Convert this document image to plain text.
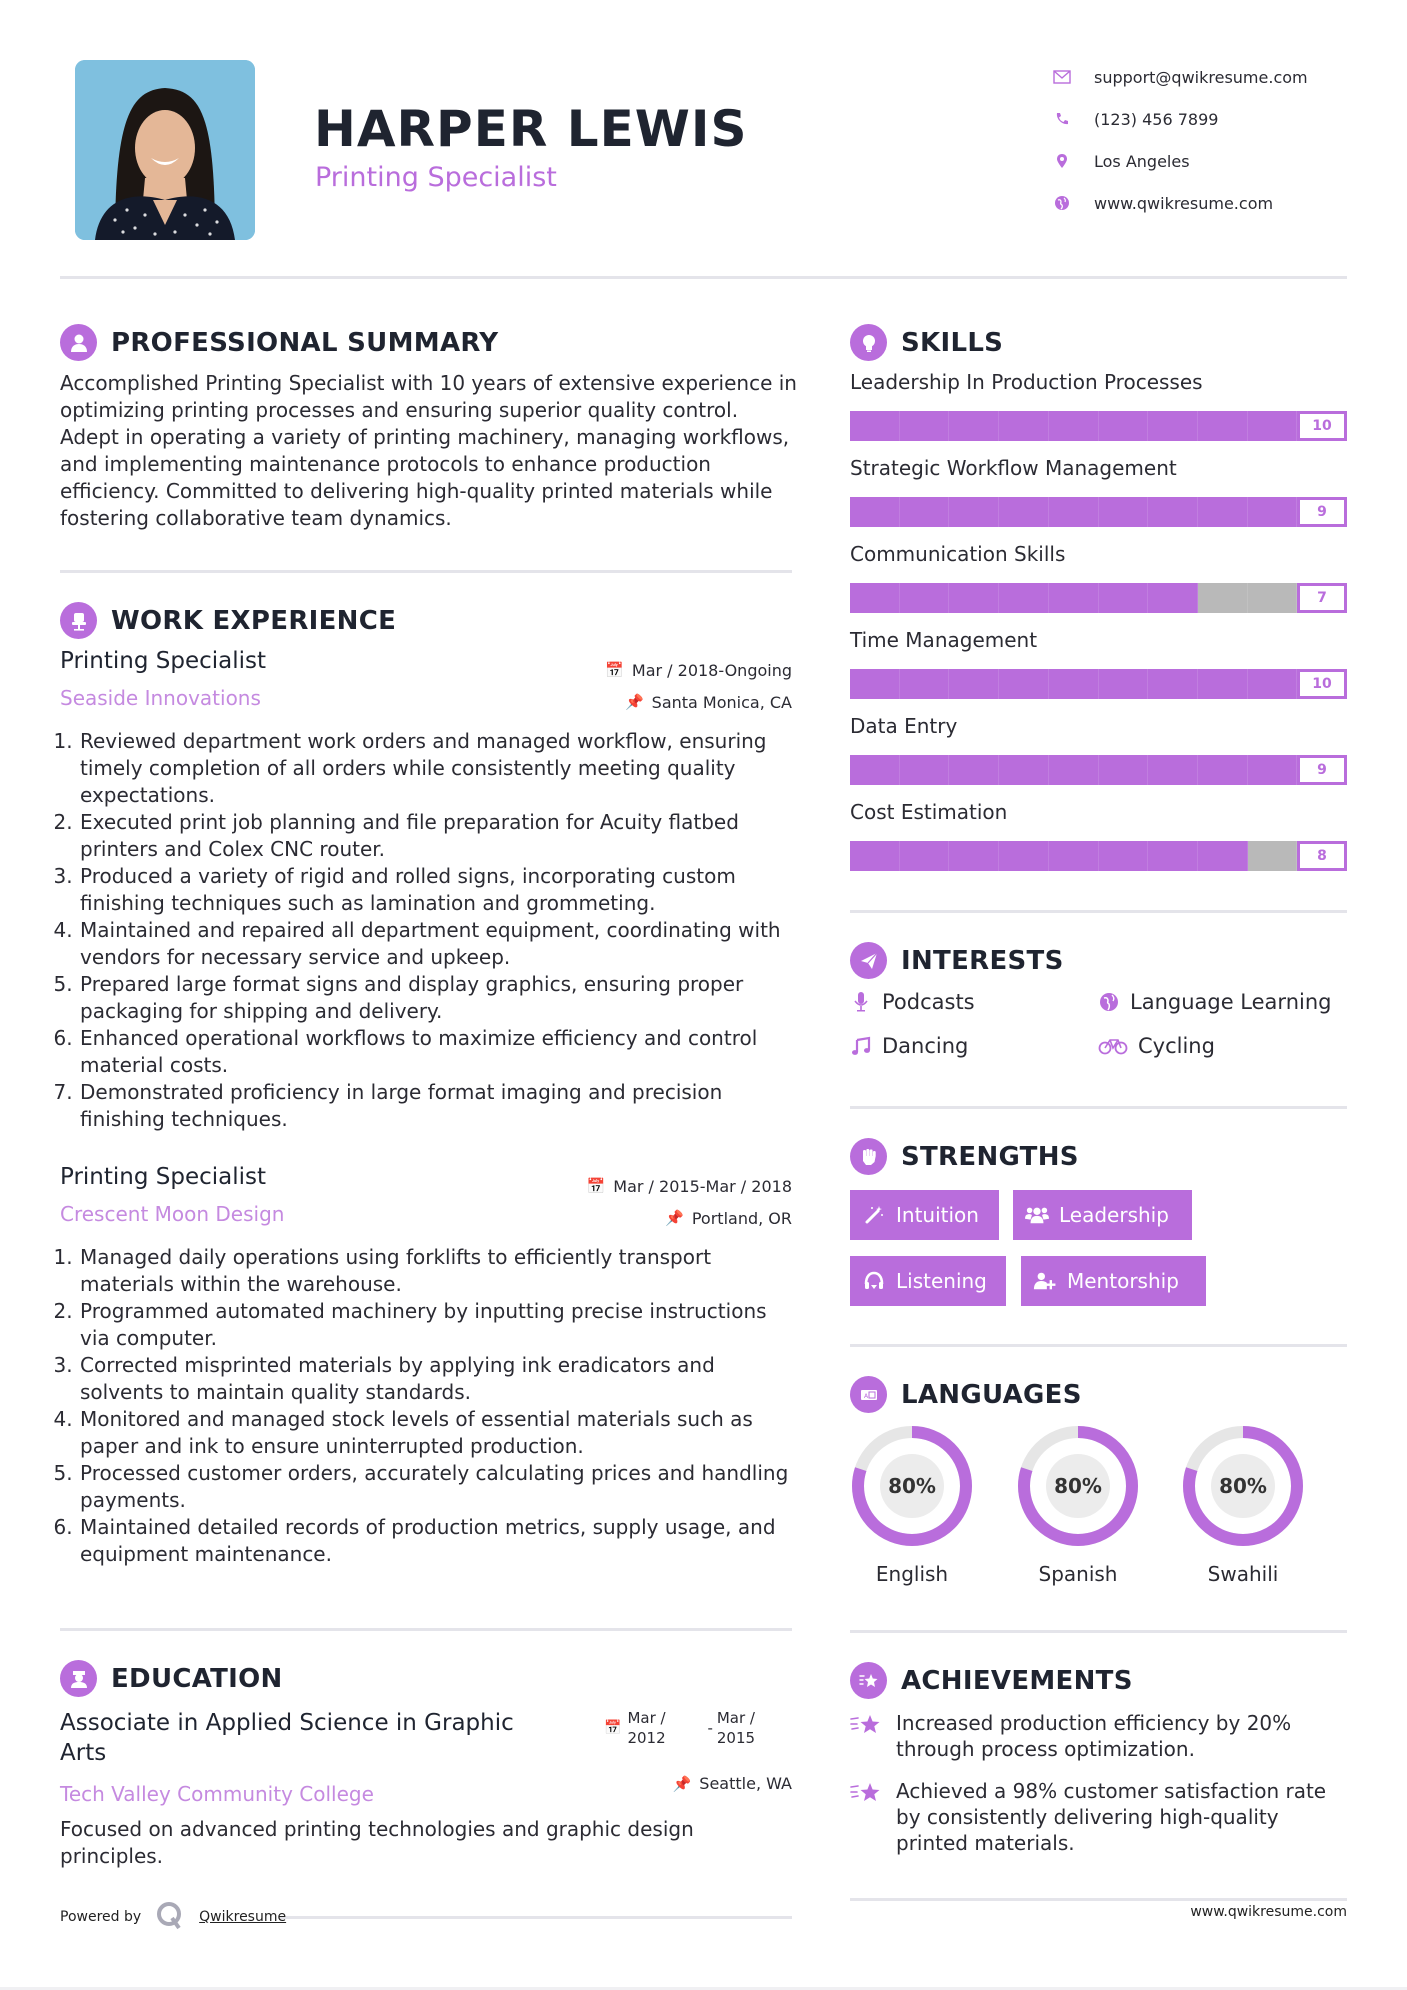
HARPER LEWIS
Printing Specialist
support@qwikresume.com
(123) 456 7899
Los Angeles
www.qwikresume.com
PROFESSIONAL SUMMARY
Accomplished Printing Specialist with 10 years of extensive experience in optimizing printing processes and ensuring superior quality control. Adept in operating a variety of printing machinery, managing workflows, and implementing maintenance protocols to enhance production efficiency. Committed to delivering high-quality printed materials while fostering collaborative team dynamics.
WORK EXPERIENCE
Printing Specialist
Seaside Innovations
📅 Mar / 2018-Ongoing
📌 Santa Monica, CA
1. Reviewed department work orders and managed workflow, ensuring timely completion of all orders while consistently meeting quality expectations.
2. Executed print job planning and file preparation for Acuity flatbed printers and Colex CNC router.
3. Produced a variety of rigid and rolled signs, incorporating custom finishing techniques such as lamination and grommeting.
4. Maintained and repaired all department equipment, coordinating with vendors for necessary service and upkeep.
5. Prepared large format signs and display graphics, ensuring proper packaging for shipping and delivery.
6. Enhanced operational workflows to maximize efficiency and control material costs.
7. Demonstrated proficiency in large format imaging and precision finishing techniques.
Printing Specialist
Crescent Moon Design
📅 Mar / 2015-Mar / 2018
📌 Portland, OR
1. Managed daily operations using forklifts to efficiently transport materials within the warehouse.
2. Programmed automated machinery by inputting precise instructions via computer.
3. Corrected misprinted materials by applying ink eradicators and solvents to maintain quality standards.
4. Monitored and managed stock levels of essential materials such as paper and ink to ensure uninterrupted production.
5. Processed customer orders, accurately calculating prices and handling payments.
6. Maintained detailed records of production metrics, supply usage, and equipment maintenance.
EDUCATION
Associate in Applied Science in Graphic Arts
Tech Valley Community College
Focused on advanced printing technologies and graphic design principles.
📅
Mar / 2012
-
Mar / 2015
📌 Seattle, WA
SKILLS
Leadership In Production Processes
10
Strategic Workflow Management
9
Communication Skills
7
Time Management
10
Data Entry
9
Cost Estimation
8
INTERESTS
Podcasts	Language Learning
Dancing	Cycling
STRENGTHS
Intuition	Leadership
Listening	Mentorship
A LANGUAGES
80%
English
80%
Spanish
80%
Swahili
ACHIEVEMENTS
Increased production efficiency by 20% through process optimization.
Achieved a 98% customer satisfaction rate by consistently delivering high-quality printed materials.
Powered by	Qwikresume	www.qwikresume.com
